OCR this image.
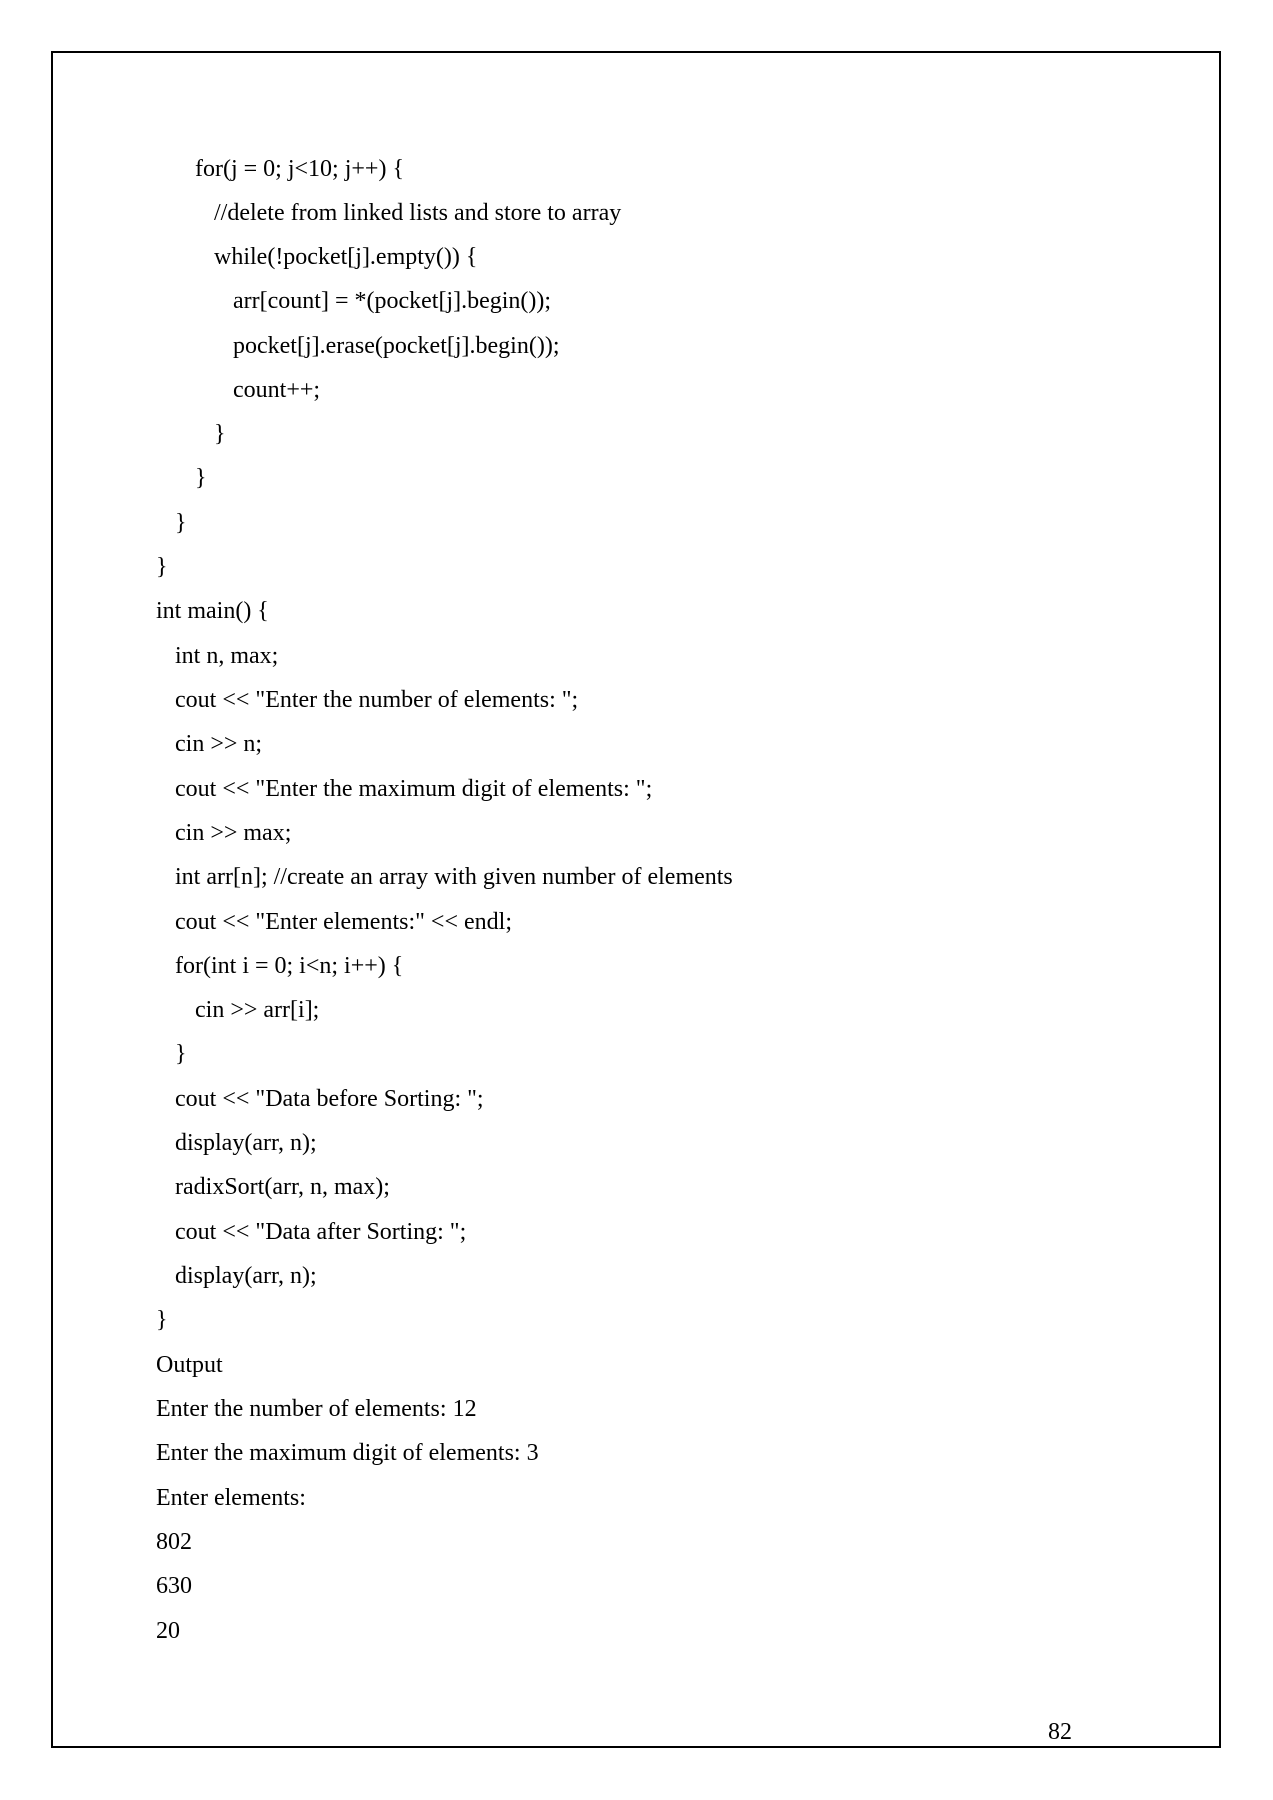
for(j = 0; j<10; j++) {
//delete from linked lists and store to array
while(!pocket[j].empty()) {
arr[count] = *(pocket[j].begin());
pocket[j].erase(pocket[j].begin());
count++;
}
}
}
}
int main() {
int n, max;
cout << "Enter the number of elements: ";
cin >> n;
cout << "Enter the maximum digit of elements: ";
cin >> max;
int arr[n]; //create an array with given number of elements
cout << "Enter elements:" << endl;
for(int i = 0; i<n; i++) {
cin >> arr[i];
}
cout << "Data before Sorting: ";
display(arr, n);
radixSort(arr, n, max);
cout << "Data after Sorting: ";
display(arr, n);
}
Output
Enter the number of elements: 12
Enter the maximum digit of elements: 3
Enter elements:
802
630
20
82
